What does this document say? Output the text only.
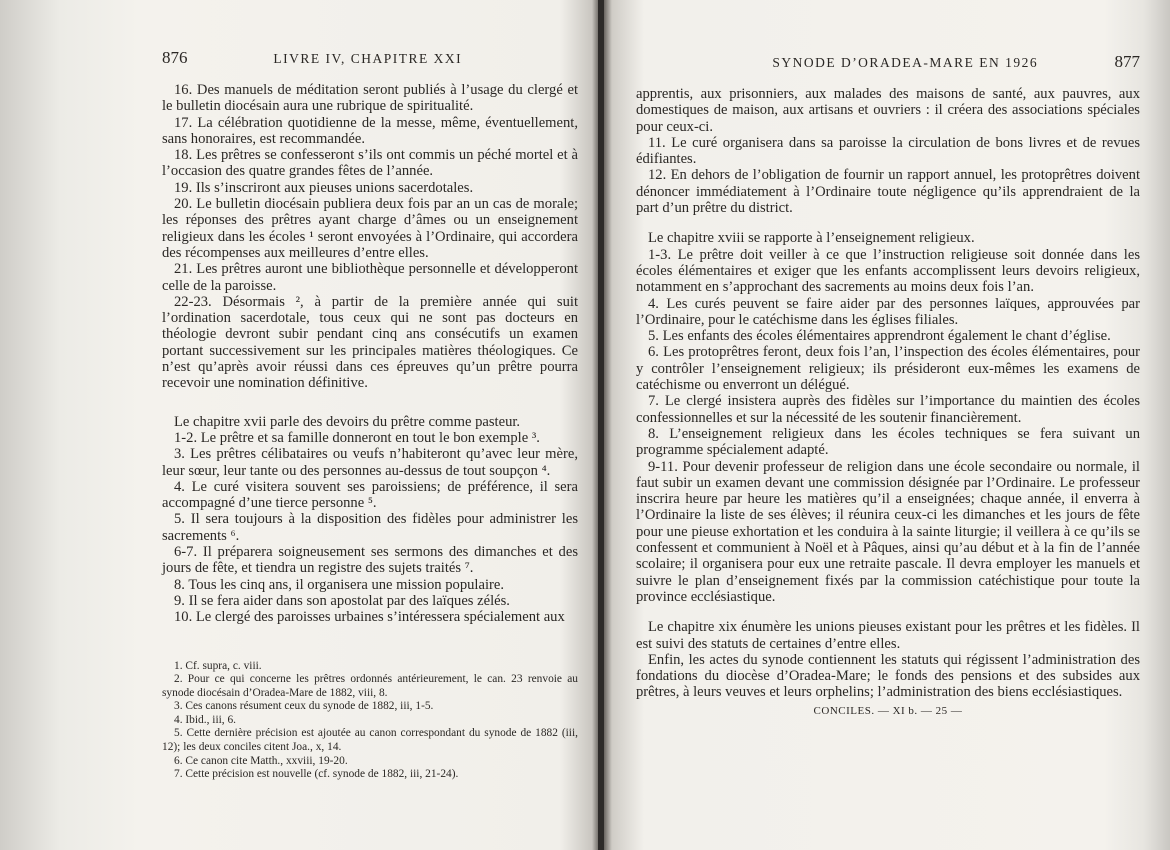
876	LIVRE IV, CHAPITRE XXI

16. Des manuels de méditation seront publiés à l’usage du clergé et le bulletin diocésain aura une rubrique de spiritualité.

17. La célébration quotidienne de la messe, même, éventuellement, sans honoraires, est recommandée.

18. Les prêtres se confesseront s’ils ont commis un péché mortel et à l’occasion des quatre grandes fêtes de l’année.

19. Ils s’inscriront aux pieuses unions sacerdotales.

20. Le bulletin diocésain publiera deux fois par an un cas de morale; les réponses des prêtres ayant charge d’âmes ou un enseignement religieux dans les écoles ¹ seront envoyées à l’Ordinaire, qui accordera des récompenses aux meilleures d’entre elles.

21. Les prêtres auront une bibliothèque personnelle et développeront celle de la paroisse.

22-23. Désormais ², à partir de la première année qui suit l’ordination sacerdotale, tous ceux qui ne sont pas docteurs en théologie devront subir pendant cinq ans consécutifs un examen portant successivement sur les principales matières théologiques. Ce n’est qu’après avoir réussi dans ces épreuves qu’un prêtre pourra recevoir une nomination définitive.

Le chapitre xvii parle des devoirs du prêtre comme pasteur.

1-2. Le prêtre et sa famille donneront en tout le bon exemple ³.

3. Les prêtres célibataires ou veufs n’habiteront qu’avec leur mère, leur sœur, leur tante ou des personnes au-dessus de tout soupçon ⁴.

4. Le curé visitera souvent ses paroissiens; de préférence, il sera accompagné d’une tierce personne ⁵.

5. Il sera toujours à la disposition des fidèles pour administrer les sacrements ⁶.

6-7. Il préparera soigneusement ses sermons des dimanches et des jours de fête, et tiendra un registre des sujets traités ⁷.

8. Tous les cinq ans, il organisera une mission populaire.

9. Il se fera aider dans son apostolat par des laïques zélés.

10. Le clergé des paroisses urbaines s’intéressera spécialement aux

1. Cf. supra, c. viii.

2. Pour ce qui concerne les prêtres ordonnés antérieurement, le can. 23 renvoie au synode diocésain d’Oradea-Mare de 1882, viii, 8.

3. Ces canons résument ceux du synode de 1882, iii, 1-5.

4. Ibid., iii, 6.

5. Cette dernière précision est ajoutée au canon correspondant du synode de 1882 (iii, 12); les deux conciles citent Joa., x, 14.

6. Ce canon cite Matth., xxviii, 19-20.

7. Cette précision est nouvelle (cf. synode de 1882, iii, 21-24).

SYNODE D’ORADEA-MARE EN 1926	877

apprentis, aux prisonniers, aux malades des maisons de santé, aux pauvres, aux domestiques de maison, aux artisans et ouvriers : il créera des associations spéciales pour ceux-ci.

11. Le curé organisera dans sa paroisse la circulation de bons livres et de revues édifiantes.

12. En dehors de l’obligation de fournir un rapport annuel, les protoprêtres doivent dénoncer immédiatement à l’Ordinaire toute négligence qu’ils apprendraient de la part d’un prêtre du district.

Le chapitre xviii se rapporte à l’enseignement religieux.

1-3. Le prêtre doit veiller à ce que l’instruction religieuse soit donnée dans les écoles élémentaires et exiger que les enfants accomplissent leurs devoirs religieux, notamment en s’approchant des sacrements au moins deux fois l’an.

4. Les curés peuvent se faire aider par des personnes laïques, approuvées par l’Ordinaire, pour le catéchisme dans les églises filiales.

5. Les enfants des écoles élémentaires apprendront également le chant d’église.

6. Les protoprêtres feront, deux fois l’an, l’inspection des écoles élémentaires, pour y contrôler l’enseignement religieux; ils présideront eux-mêmes les examens de catéchisme ou enverront un délégué.

7. Le clergé insistera auprès des fidèles sur l’importance du maintien des écoles confessionnelles et sur la nécessité de les soutenir financièrement.

8. L’enseignement religieux dans les écoles techniques se fera suivant un programme spécialement adapté.

9-11. Pour devenir professeur de religion dans une école secondaire ou normale, il faut subir un examen devant une commission désignée par l’Ordinaire. Le professeur inscrira heure par heure les matières qu’il a enseignées; chaque année, il enverra à l’Ordinaire la liste de ses élèves; il réunira ceux-ci les dimanches et les jours de fête pour une pieuse exhortation et les conduira à la sainte liturgie; il veillera à ce qu’ils se confessent et communient à Noël et à Pâques, ainsi qu’au début et à la fin de l’année scolaire; il organisera pour eux une retraite pascale. Il devra employer les manuels et suivre le plan d’enseignement fixés par la commission catéchistique pour toute la province ecclésiastique.

Le chapitre xix énumère les unions pieuses existant pour les prêtres et les fidèles. Il est suivi des statuts de certaines d’entre elles.

Enfin, les actes du synode contiennent les statuts qui régissent l’administration des fondations du diocèse d’Oradea-Mare; le fonds des pensions et des subsides aux prêtres, à leurs veuves et leurs orphelins; l’administration des biens ecclésiastiques.

CONCILES. — XI b. — 25 —
